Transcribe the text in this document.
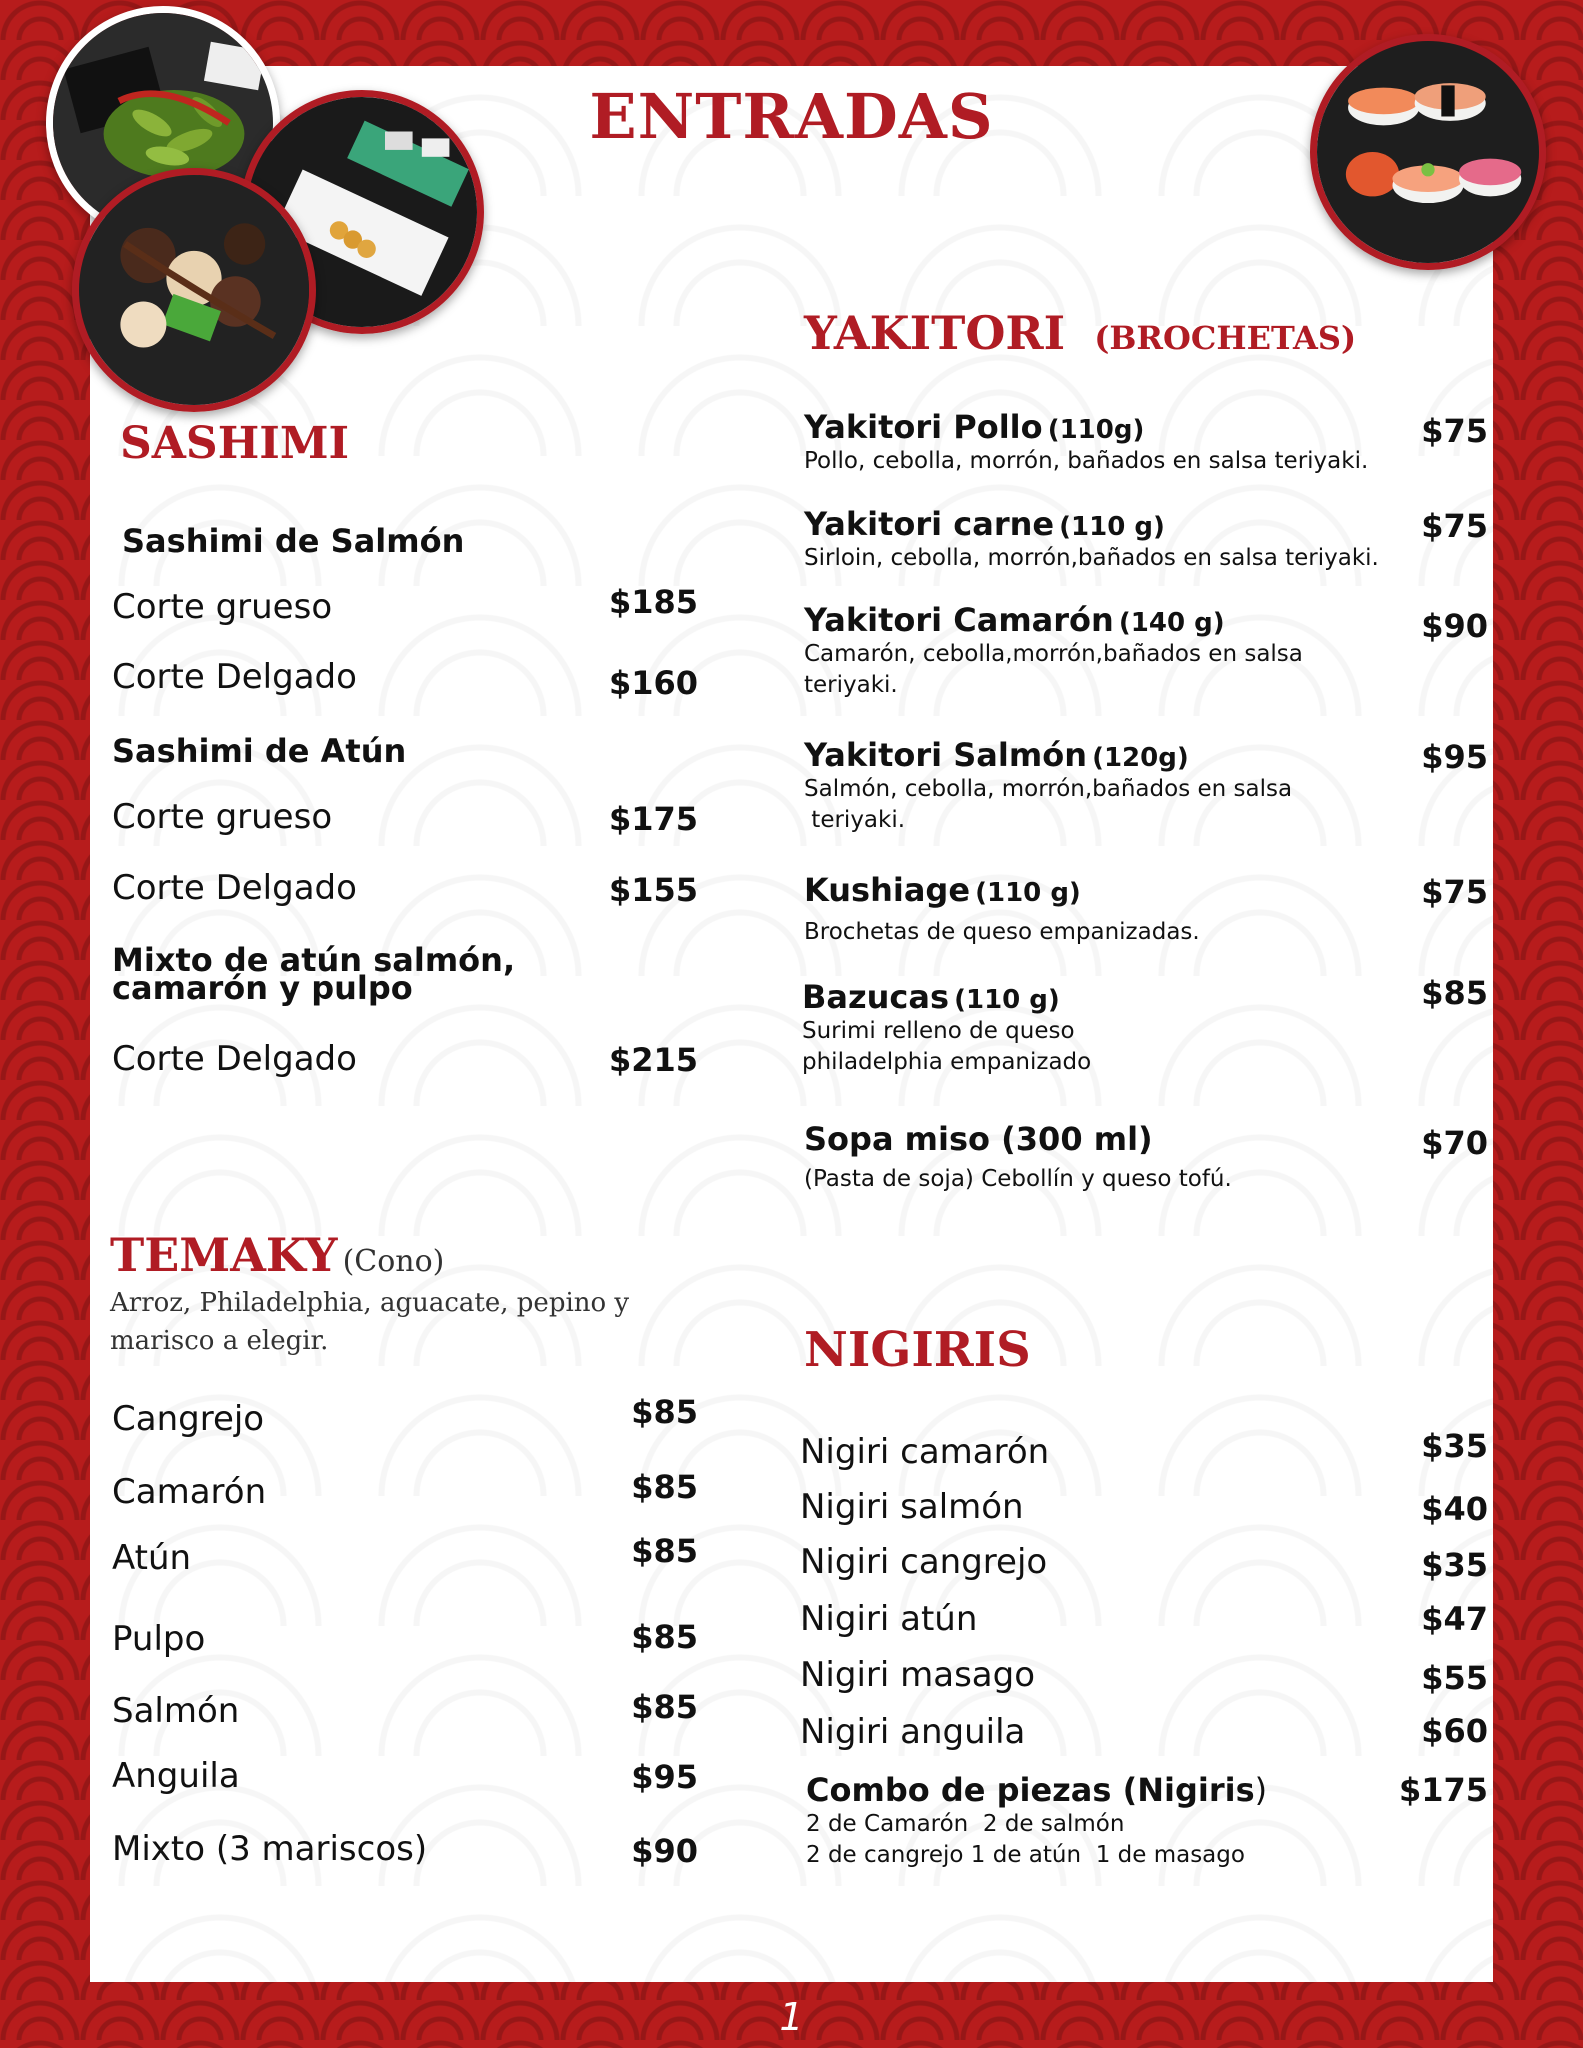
ENTRADAS
SASHIMI
Sashimi de Salmón
Corte grueso	$185
Corte Delgado	$160
Sashimi de Atún
Corte grueso	$175
Corte Delgado	$155
Mixto de atún salmón,
camarón y pulpo
Corte Delgado	$215
TEMAKY (Cono)
Arroz, Philadelphia, aguacate, pepino y
marisco a elegir.
Cangrejo	$85
Camarón	$85
Atún	$85
Pulpo	$85
Salmón	$85
Anguila	$95
Mixto (3 mariscos)	$90
YAKITORI (BROCHETAS)
Yakitori Pollo (110g)
Pollo, cebolla, morrón, bañados en salsa teriyaki.
$75
Yakitori carne (110 g)
Sirloin, cebolla, morrón,bañados en salsa teriyaki.
$75
Yakitori Camarón (140 g)
Camarón, cebolla,morrón,bañados en salsa
teriyaki.
$90
Yakitori Salmón (120g)
Salmón, cebolla, morrón,bañados en salsa
teriyaki.
$95
Kushiage (110 g)
Brochetas de queso empanizadas.
$75
Bazucas (110 g)
Surimi relleno de queso
philadelphia empanizado
$85
Sopa miso (300 ml)
(Pasta de soja) Cebollín y queso tofú.
$70
NIGIRIS
Nigiri camarón	$35
Nigiri salmón	$40
Nigiri cangrejo	$35
Nigiri atún	$47
Nigiri masago	$55
Nigiri anguila	$60
Combo de piezas (Nigiris)
2 de Camarón  2 de salmón
2 de cangrejo 1 de atún  1 de masago
$175
1
